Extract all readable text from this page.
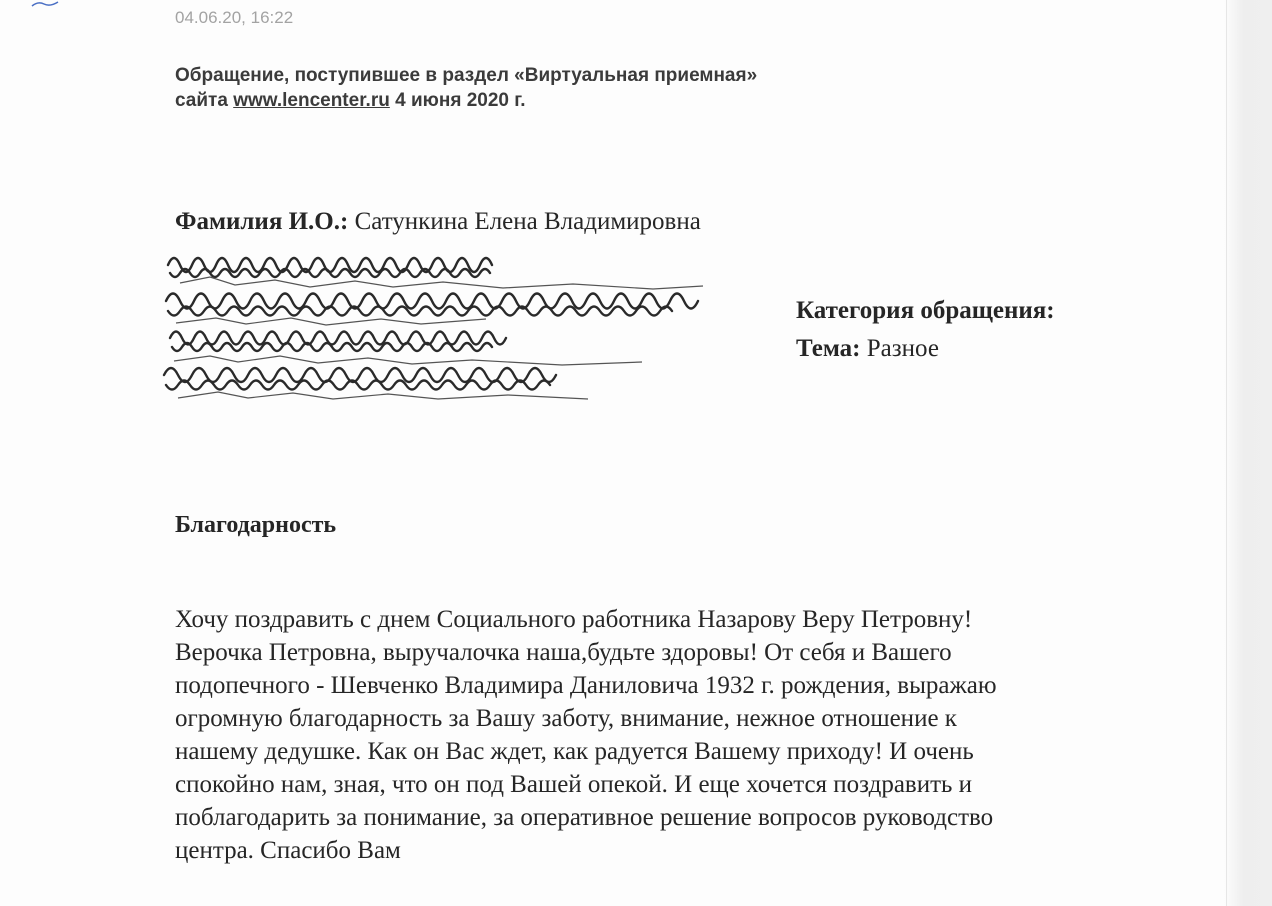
04.06.20, 16:22
Обращение, поступившее в раздел «Виртуальная приемная»
сайта www.lencenter.ru 4 июня 2020 г.
Фамилия И.О.: Сатункина Елена Владимировна
Категория обращения:
Тема: Разное
Благодарность
Хочу поздравить с днем Социального работника Назарову Веру Петровну!
Верочка Петровна, выручалочка наша,будьте здоровы! От себя и Вашего
подопечного - Шевченко Владимира Даниловича 1932 г. рождения, выражаю
огромную благодарность за Вашу заботу, внимание, нежное отношение к
нашему дедушке. Как он Вас ждет, как радуется Вашему приходу! И очень
спокойно нам, зная, что он под Вашей опекой. И еще хочется поздравить и
поблагодарить за понимание, за оперативное решение вопросов руководство
центра. Спасибо Вам
